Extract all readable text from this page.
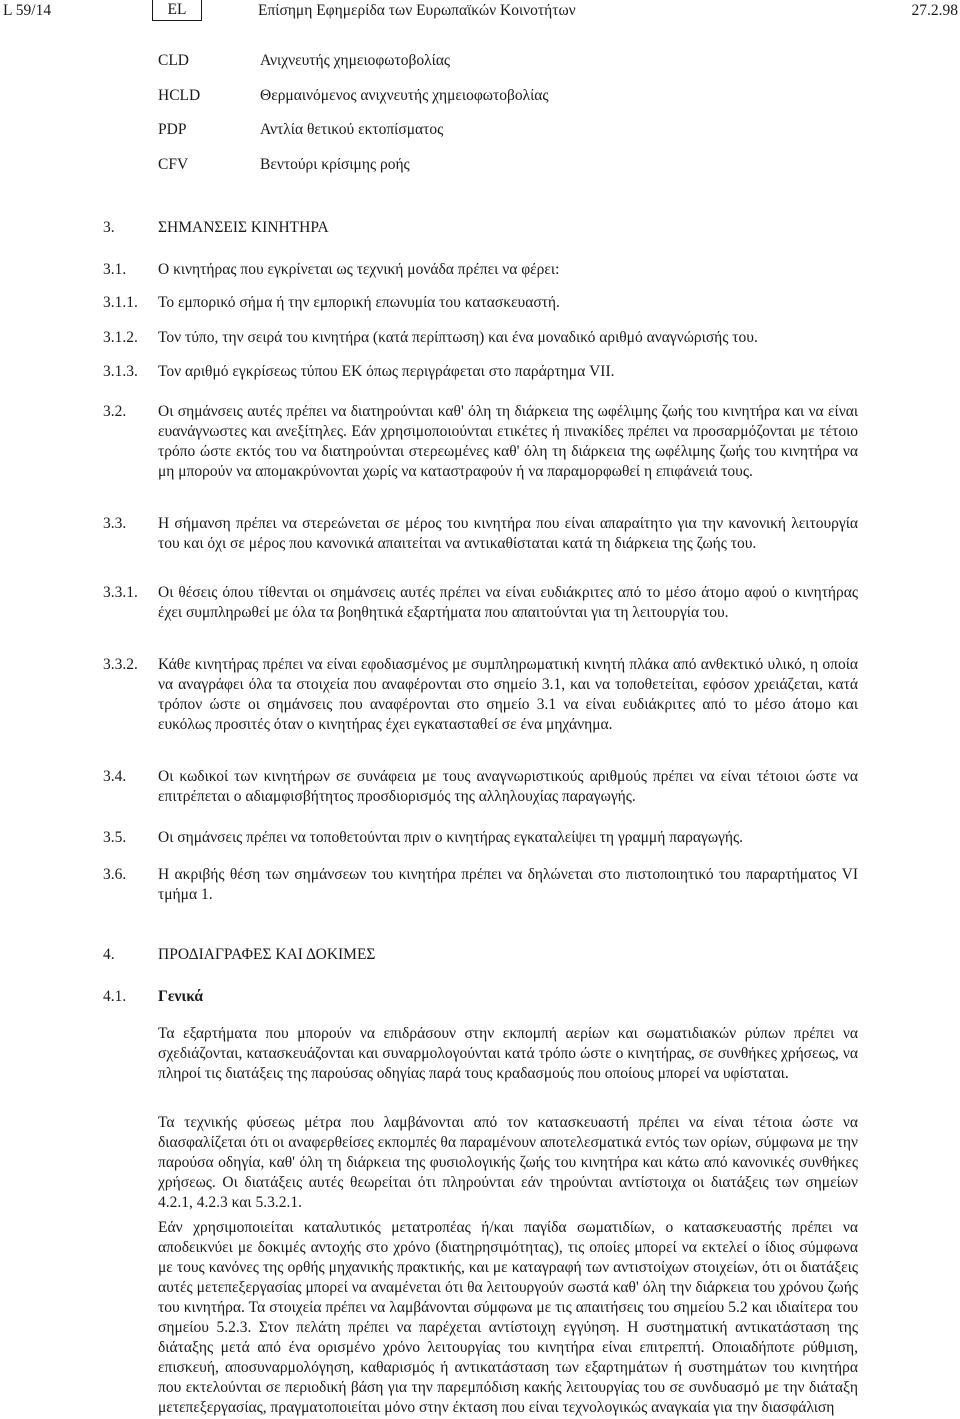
L 59/14	EL	Επίσημη Εφημερίδα των Ευρωπαϊκών Κοινοτήτων	27.2.98
CLD	Ανιχνευτής χημειοφωτοβολίας
HCLD	Θερμαινόμενος ανιχνευτής χημειοφωτοβολίας
PDP	Αντλία θετικού εκτοπίσματος
CFV	Βεντούρι κρίσιμης ροής
3.	ΣΗΜΑΝΣΕΙΣ ΚΙΝΗΤΗΡΑ
3.1. Ο κινητήρας που εγκρίνεται ως τεχνική μονάδα πρέπει να φέρει:
3.1.1. Το εμπορικό σήμα ή την εμπορική επωνυμία του κατασκευαστή.
3.1.2. Τον τύπο, την σειρά του κινητήρα (κατά περίπτωση) και ένα μοναδικό αριθμό αναγνώρισής του.
3.1.3. Τον αριθμό εγκρίσεως τύπου ΕΚ όπως περιγράφεται στο παράρτημα VII.
3.2. Οι σημάνσεις αυτές πρέπει να διατηρούνται καθ' όλη τη διάρκεια της ωφέλιμης ζωής του κινητήρα και να είναι ευανάγνωστες και ανεξίτηλες. Εάν χρησιμοποιούνται ετικέτες ή πινακίδες πρέπει να προσαρμόζονται με τέτοιο τρόπο ώστε εκτός του να διατηρούνται στερεωμένες καθ' όλη τη διάρκεια της ωφέλιμης ζωής του κινητήρα να μη μπορούν να απομακρύνονται χωρίς να καταστραφούν ή να παραμορφωθεί η επιφάνειά τους.
3.3. Η σήμανση πρέπει να στερεώνεται σε μέρος του κινητήρα που είναι απαραίτητο για την κανονική λειτουργία του και όχι σε μέρος που κανονικά απαιτείται να αντικαθίσταται κατά τη διάρκεια της ζωής του.
3.3.1. Οι θέσεις όπου τίθενται οι σημάνσεις αυτές πρέπει να είναι ευδιάκριτες από το μέσο άτομο αφού ο κινητήρας έχει συμπληρωθεί με όλα τα βοηθητικά εξαρτήματα που απαιτούνται για τη λειτουργία του.
3.3.2. Κάθε κινητήρας πρέπει να είναι εφοδιασμένος με συμπληρωματική κινητή πλάκα από ανθεκτικό υλικό, η οποία να αναγράφει όλα τα στοιχεία που αναφέρονται στο σημείο 3.1, και να τοποθετείται, εφόσον χρειάζεται, κατά τρόπον ώστε οι σημάνσεις που αναφέρονται στο σημείο 3.1 να είναι ευδιάκριτες από το μέσο άτομο και ευκόλως προσιτές όταν ο κινητήρας έχει εγκατασταθεί σε ένα μηχάνημα.
3.4. Οι κωδικοί των κινητήρων σε συνάφεια με τους αναγνωριστικούς αριθμούς πρέπει να είναι τέτοιοι ώστε να επιτρέπεται ο αδιαμφισβήτητος προσδιορισμός της αλληλουχίας παραγωγής.
3.5. Οι σημάνσεις πρέπει να τοποθετούνται πριν ο κινητήρας εγκαταλείψει τη γραμμή παραγωγής.
3.6. Η ακριβής θέση των σημάνσεων του κινητήρα πρέπει να δηλώνεται στο πιστοποιητικό του παραρτήματος VI τμήμα 1.
4.	ΠΡΟΔΙΑΓΡΑΦΕΣ ΚΑΙ ΔΟΚΙΜΕΣ
4.1. Γενικά
Τα εξαρτήματα που μπορούν να επιδράσουν στην εκπομπή αερίων και σωματιδιακών ρύπων πρέπει να σχεδιάζονται, κατασκευάζονται και συναρμολογούνται κατά τρόπο ώστε ο κινητήρας, σε συνθήκες χρήσεως, να πληροί τις διατάξεις της παρούσας οδηγίας παρά τους κραδασμούς που οποίους μπορεί να υφίσταται.
Τα τεχνικής φύσεως μέτρα που λαμβάνονται από τον κατασκευαστή πρέπει να είναι τέτοια ώστε να διασφαλίζεται ότι οι αναφερθείσες εκπομπές θα παραμένουν αποτελεσματικά εντός των ορίων, σύμφωνα με την παρούσα οδηγία, καθ' όλη τη διάρκεια της φυσιολογικής ζωής του κινητήρα και κάτω από κανονικές συνθήκες χρήσεως. Οι διατάξεις αυτές θεωρείται ότι πληρούνται εάν τηρούνται αντίστοιχα οι διατάξεις των σημείων 4.2.1, 4.2.3 και 5.3.2.1.
Εάν χρησιμοποιείται καταλυτικός μετατροπέας ή/και παγίδα σωματιδίων, ο κατασκευαστής πρέπει να αποδεικνύει με δοκιμές αντοχής στο χρόνο (διατηρησιμότητας), τις οποίες μπορεί να εκτελεί ο ίδιος σύμφωνα με τους κανόνες της ορθής μηχανικής πρακτικής, και με καταγραφή των αντιστοίχων στοιχείων, ότι οι διατάξεις αυτές μετεπεξεργασίας μπορεί να αναμένεται ότι θα λειτουργούν σωστά καθ' όλη την διάρκεια του χρόνου ζωής του κινητήρα. Τα στοιχεία πρέπει να λαμβάνονται σύμφωνα με τις απαιτήσεις του σημείου 5.2 και ιδιαίτερα του σημείου 5.2.3. Στον πελάτη πρέπει να παρέχεται αντίστοιχη εγγύηση. Η συστηματική αντικατάσταση της διάταξης μετά από ένα ορισμένο χρόνο λειτουργίας του κινητήρα είναι επιτρεπτή. Οποιαδήποτε ρύθμιση, επισκευή, αποσυναρμολόγηση, καθαρισμός ή αντικατάσταση των εξαρτημάτων ή συστημάτων του κινητήρα που εκτελούνται σε περιοδική βάση για την παρεμπόδιση κακής λειτουργίας του σε συνδυασμό με την διάταξη μετεπεξεργασίας, πραγματοποιείται μόνο στην έκταση που είναι τεχνολογικώς αναγκαία για την διασφάλιση
